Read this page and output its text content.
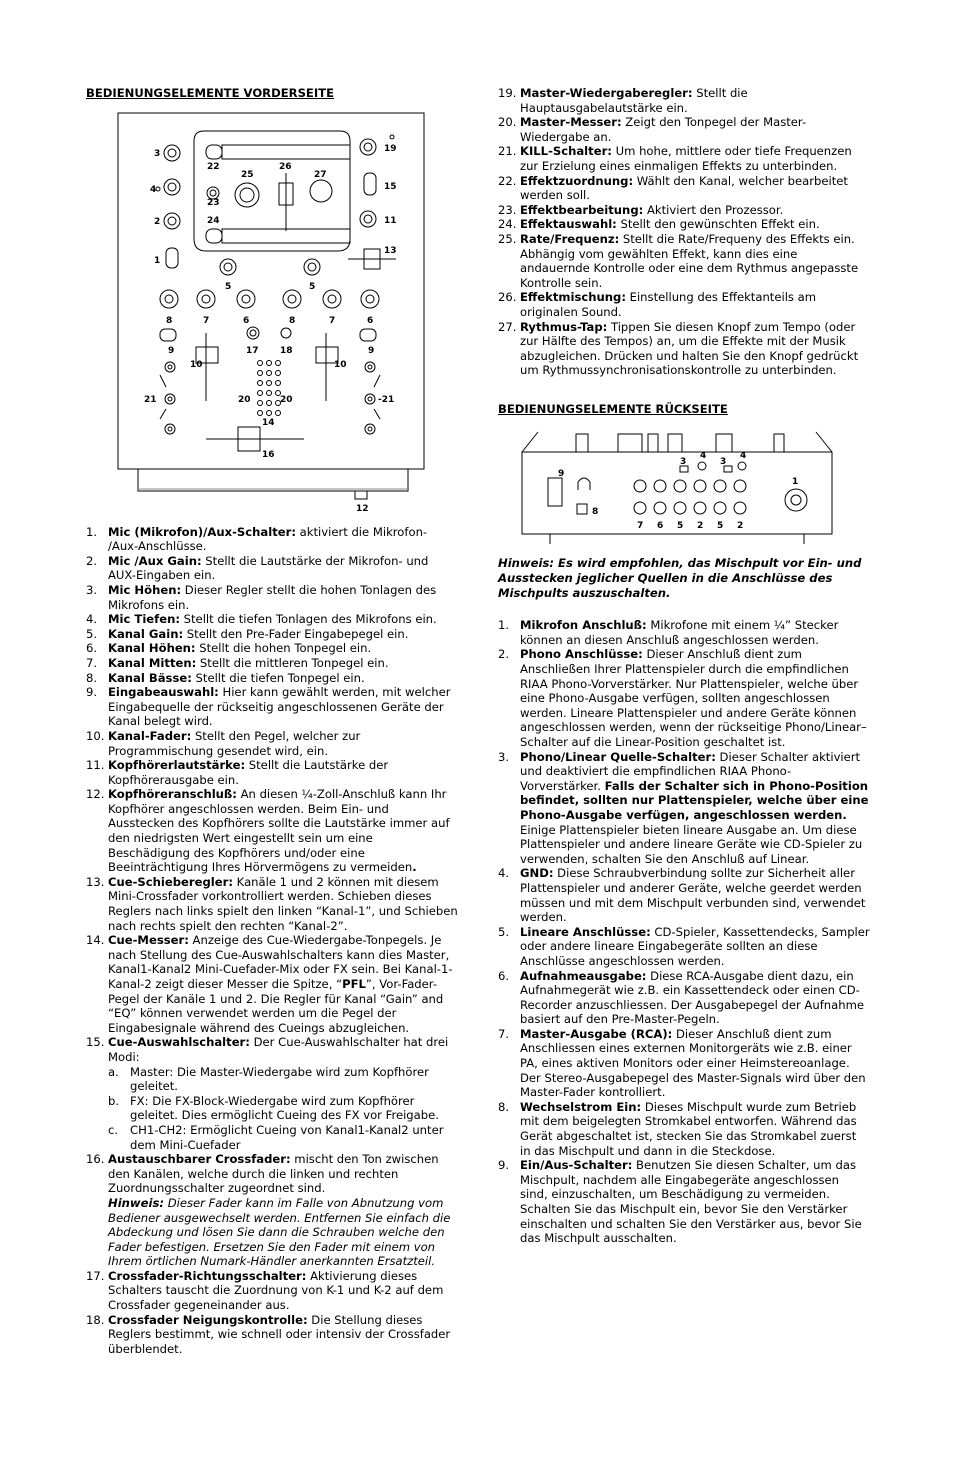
BEDIENUNGSELEMENTE VORDERSEITE
3
4
2
1
22
23
24
25
26
27
19
15
11
13
5	5
8	7	6	8	7	6
9	17 18	9
10	10
21	20	20	-21
14
16
12
1. Mic (Mikrofon)/Aux-Schalter: aktiviert die Mikrofon- /Aux-Anschlüsse.
2. Mic /Aux Gain: Stellt die Lautstärke der Mikrofon- und AUX-Eingaben ein.
3. Mic Höhen: Dieser Regler stellt die hohen Tonlagen des Mikrofons ein.
4. Mic Tiefen: Stellt die tiefen Tonlagen des Mikrofons ein.
5. Kanal Gain: Stellt den Pre-Fader Eingabepegel ein.
6. Kanal Höhen: Stellt die hohen Tonpegel ein.
7. Kanal Mitten: Stellt die mittleren Tonpegel ein.
8. Kanal Bässe: Stellt die tiefen Tonpegel ein.
9. Eingabeauswahl: Hier kann gewählt werden, mit welcher Eingabequelle der rückseitig angeschlossenen Geräte der Kanal belegt wird.
10. Kanal-Fader: Stellt den Pegel, welcher zur Programmischung gesendet wird, ein.
11. Kopfhörerlautstärke: Stellt die Lautstärke der Kopfhörerausgabe ein.
12. Kopfhöreranschluß: An diesen ¼-Zoll-Anschluß kann Ihr Kopfhörer angeschlossen werden. Beim Ein- und Ausstecken des Kopfhörers sollte die Lautstärke immer auf den niedrigsten Wert eingestellt sein um eine Beschädigung des Kopfhörers und/oder eine Beeinträchtigung Ihres Hörvermögens zu vermeiden.
13. Cue-Schieberegler: Kanäle 1 und 2 können mit diesem Mini-Crossfader vorkontrolliert werden. Schieben dieses Reglers nach links spielt den linken “Kanal-1”, und Schieben nach rechts spielt den rechten “Kanal-2”.
14. Cue-Messer: Anzeige des Cue-Wiedergabe-Tonpegels. Je nach Stellung des Cue-Auswahlschalters kann dies Master, Kanal1-Kanal2 Mini-Cuefader-Mix oder FX sein. Bei Kanal-1-Kanal-2 zeigt dieser Messer die Spitze, “PFL”, Vor-Fader-Pegel der Kanäle 1 und 2. Die Regler für Kanal “Gain” and “EQ” können verwendet werden um die Pegel der Eingabesignale während des Cueings abzugleichen.
15. Cue-Auswahlschalter: Der Cue-Auswahlschalter hat drei Modi:
a. Master: Die Master-Wiedergabe wird zum Kopfhörer geleitet.
b. FX: Die FX-Block-Wiedergabe wird zum Kopfhörer geleitet. Dies ermöglicht Cueing des FX vor Freigabe.
c.	CH1-CH2: Ermöglicht Cueing von Kanal1-Kanal2 unter dem Mini-Cuefader
16. Austauschbarer Crossfader: mischt den Ton zwischen den Kanälen, welche durch die linken und rechten Zuordnungsschalter zugeordnet sind.
Hinweis: Dieser Fader kann im Falle von Abnutzung vom Bediener ausgewechselt werden. Entfernen Sie einfach die Abdeckung und lösen Sie dann die Schrauben welche den Fader befestigen. Ersetzen Sie den Fader mit einem von Ihrem örtlichen Numark-Händler anerkannten Ersatzteil.
17. Crossfader-Richtungsschalter: Aktivierung dieses Schalters tauscht die Zuordnung von K-1 und K-2 auf dem Crossfader gegeneinander aus.
18. Crossfader Neigungskontrolle: Die Stellung dieses Reglers bestimmt, wie schnell oder intensiv der Crossfader überblendet.
19. Master-Wiedergaberegler: Stellt die Hauptausgabelautstärke ein.
20. Master-Messer: Zeigt den Tonpegel der Master-Wiedergabe an.
21. KILL-Schalter: Um hohe, mittlere oder tiefe Frequenzen zur Erzielung eines einmaligen Effekts zu unterbinden.
22. Effektzuordnung: Wählt den Kanal, welcher bearbeitet werden soll.
23. Effektbearbeitung: Aktiviert den Prozessor.
24. Effektauswahl: Stellt den gewünschten Effekt ein.
25. Rate/Frequenz: Stellt die Rate/Frequeny des Effekts ein. Abhängig vom gewählten Effekt, kann dies eine andauernde Kontrolle oder eine dem Rythmus angepasste Kontrolle sein.
26. Effektmischung: Einstellung des Effektanteils am originalen Sound.
27. Rythmus-Tap: Tippen Sie diesen Knopf zum Tempo (oder zur Hälfte des Tempos) an, um die Effekte mit der Musik abzugleichen. Drücken und halten Sie den Knopf gedrückt um Rythmussynchronisationskontrolle zu unterbinden.
BEDIENUNGSELEMENTE RÜCKSEITE
9
8
3
4
3
4
1
7 6 5 2 5 2
Hinweis: Es wird empfohlen, das Mischpult vor Ein- und Ausstecken jeglicher Quellen in die Anschlüsse des Mischpults auszuschalten.
1. Mikrofon Anschluß: Mikrofone mit einem ¼” Stecker können an diesen Anschluß angeschlossen werden.
2. Phono Anschlüsse: Dieser Anschluß dient zum Anschließen Ihrer Plattenspieler durch die empfindlichen RIAA Phono-Vorverstärker. Nur Plattenspieler, welche über eine Phono-Ausgabe verfügen, sollten angeschlossen werden. Lineare Plattenspieler und andere Geräte können angeschlossen werden, wenn der rückseitige Phono/Linear–Schalter auf die Linear-Position geschaltet ist.
3. Phono/Linear Quelle-Schalter: Dieser Schalter aktiviert und deaktiviert die empfindlichen RIAA Phono-Vorverstärker. Falls der Schalter sich in Phono-Position befindet, sollten nur Plattenspieler, welche über eine Phono-Ausgabe verfügen, angeschlossen werden. Einige Plattenspieler bieten lineare Ausgabe an. Um diese Plattenspieler und andere lineare Geräte wie CD-Spieler zu verwenden, schalten Sie den Anschluß auf Linear.
4. GND: Diese Schraubverbindung sollte zur Sicherheit aller Plattenspieler und anderer Geräte, welche geerdet werden müssen und mit dem Mischpult verbunden sind, verwendet werden.
5. Lineare Anschlüsse: CD-Spieler, Kassettendecks, Sampler oder andere lineare Eingabegeräte sollten an diese Anschlüsse angeschlossen werden.
6. Aufnahmeausgabe: Diese RCA-Ausgabe dient dazu, ein Aufnahmegerät wie z.B. ein Kassettendeck oder einen CD-Recorder anzuschliessen. Der Ausgabepegel der Aufnahme basiert auf den Pre-Master-Pegeln.
7. Master-Ausgabe (RCA): Dieser Anschluß dient zum Anschliessen eines externen Monitorgeräts wie z.B. einer PA, eines aktiven Monitors oder einer Heimstereoanlage. Der Stereo-Ausgabepegel des Master-Signals wird über den Master-Fader kontrolliert.
8. Wechselstrom Ein: Dieses Mischpult wurde zum Betrieb mit dem beigelegten Stromkabel entworfen. Während das Gerät abgeschaltet ist, stecken Sie das Stromkabel zuerst in das Mischpult und dann in die Steckdose.
9. Ein/Aus-Schalter: Benutzen Sie diesen Schalter, um das Mischpult, nachdem alle Eingabegeräte angeschlossen sind, einzuschalten, um Beschädigung zu vermeiden. Schalten Sie das Mischpult ein, bevor Sie den Verstärker einschalten und schalten Sie den Verstärker aus, bevor Sie das Mischpult ausschalten.
